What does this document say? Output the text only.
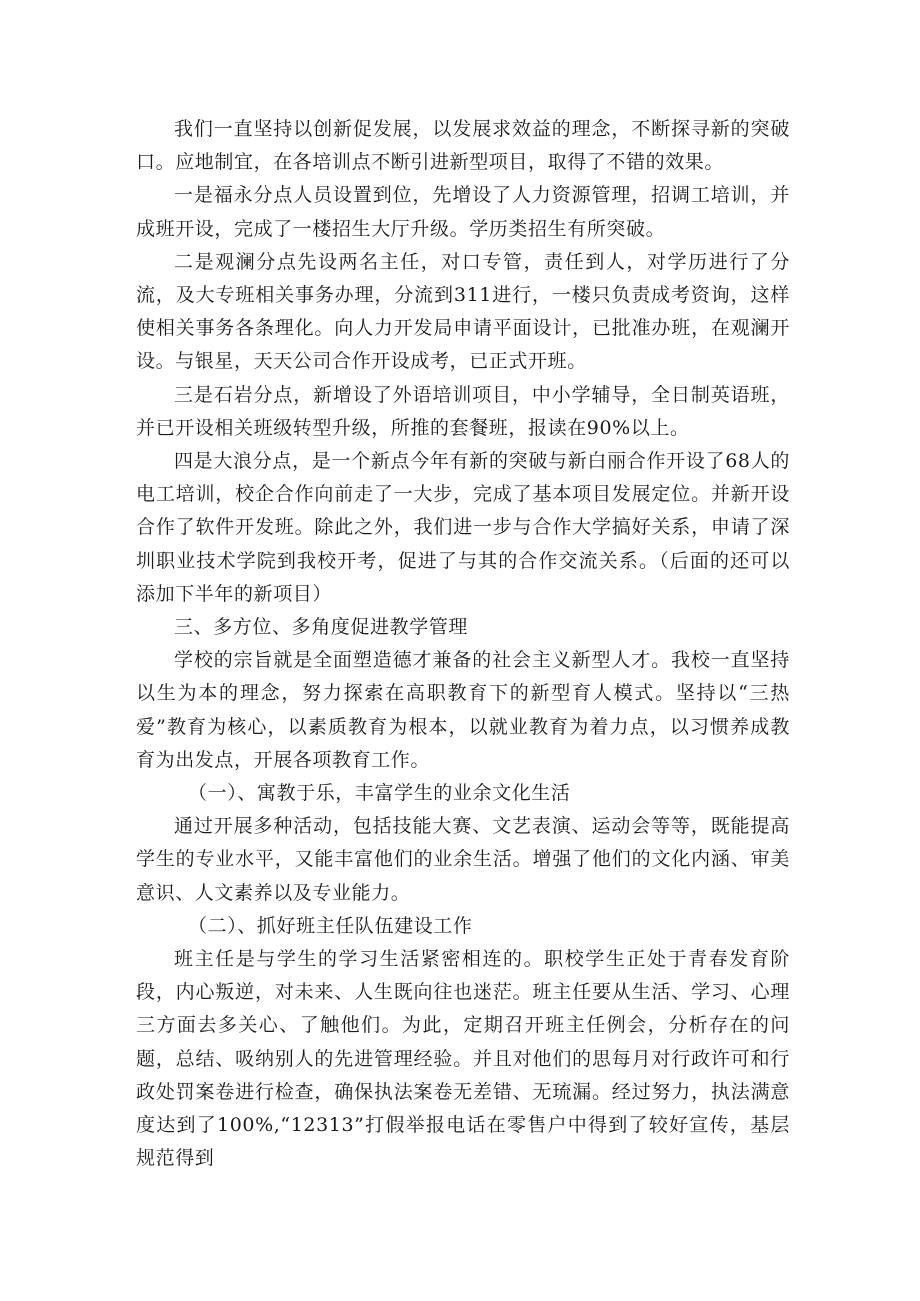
我们一直坚持以创新促发展，以发展求效益的理念，不断探寻新的突破口。应地制宜，在各培训点不断引进新型项目，取得了不错的效果。

一是福永分点人员设置到位，先增设了人力资源管理，招调工培训，并成班开设，完成了一楼招生大厅升级。学历类招生有所突破。

二是观澜分点先设两名主任，对口专管，责任到人，对学历进行了分流，及大专班相关事务办理，分流到311进行，一楼只负责成考资询，这样使相关事务各条理化。向人力开发局申请平面设计，已批准办班，在观澜开设。与银星，天天公司合作开设成考，已正式开班。

三是石岩分点，新增设了外语培训项目，中小学辅导，全日制英语班，并已开设相关班级转型升级，所推的套餐班，报读在90%以上。

四是大浪分点，是一个新点今年有新的突破与新白丽合作开设了68人的电工培训，校企合作向前走了一大步，完成了基本项目发展定位。并新开设合作了软件开发班。除此之外，我们进一步与合作大学搞好关系，申请了深圳职业技术学院到我校开考，促进了与其的合作交流关系。（后面的还可以添加下半年的新项目）

三、多方位、多角度促进教学管理

学校的宗旨就是全面塑造德才兼备的社会主义新型人才。我校一直坚持以生为本的理念，努力探索在高职教育下的新型育人模式。坚持以“三热爱”教育为核心，以素质教育为根本，以就业教育为着力点，以习惯养成教育为出发点，开展各项教育工作。

（一）、寓教于乐，丰富学生的业余文化生活

通过开展多种活动，包括技能大赛、文艺表演、运动会等等，既能提高学生的专业水平，又能丰富他们的业余生活。增强了他们的文化内涵、审美意识、人文素养以及专业能力。

（二）、抓好班主任队伍建设工作

班主任是与学生的学习生活紧密相连的。职校学生正处于青春发育阶段，内心叛逆，对未来、人生既向往也迷茫。班主任要从生活、学习、心理三方面去多关心、了触他们。为此，定期召开班主任例会，分析存在的问题，总结、吸纳别人的先进管理经验。并且对他们的思每月对行政许可和行政处罚案卷进行检查，确保执法案卷无差错、无琉漏。经过努力，执法满意度达到了100%,“12313”打假举报电话在零售户中得到了较好宣传，基层规范得到
